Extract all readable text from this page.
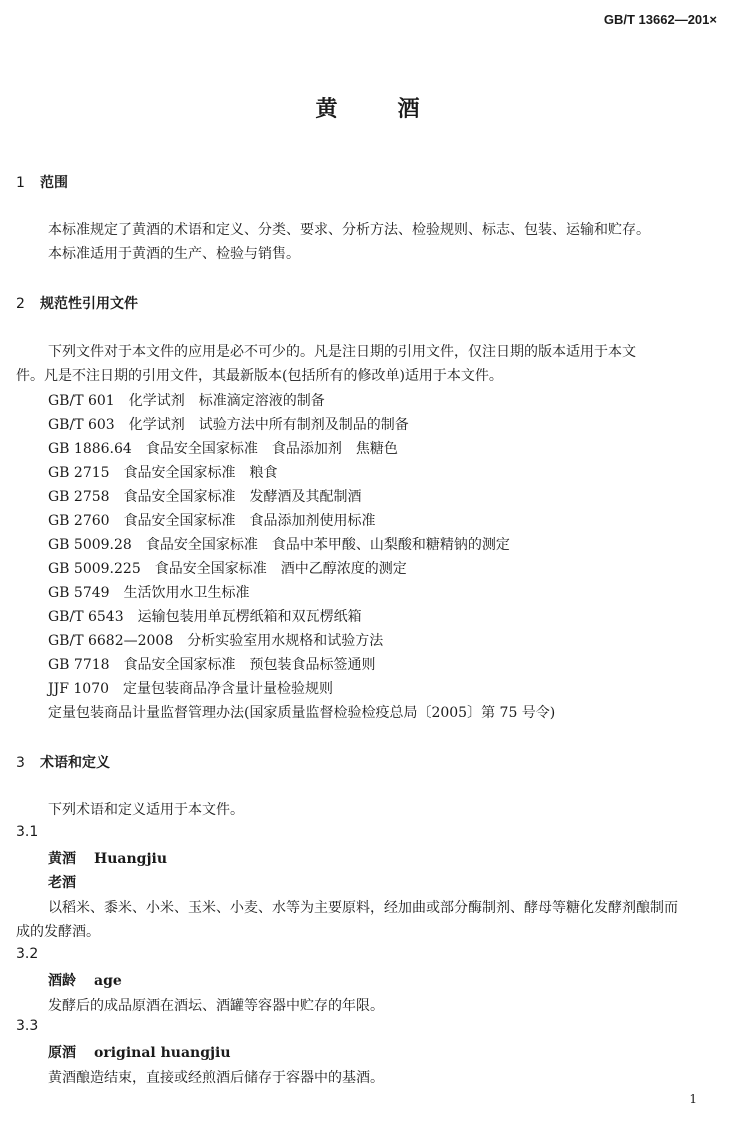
GB/T 13662—201×
黄	酒
1 范围
本标准规定了黄酒的术语和定义、分类、要求、分析方法、检验规则、标志、包装、运输和贮存。
本标准适用于黄酒的生产、检验与销售。
2 规范性引用文件
下列文件对于本文件的应用是必不可少的。凡是注日期的引用文件，仅注日期的版本适用于本文
件。凡是不注日期的引用文件，其最新版本(包括所有的修改单)适用于本文件。
GB/T 601 化学试剂　标准滴定溶液的制备
GB/T 603 化学试剂　试验方法中所有制剂及制品的制备
GB 1886.64 食品安全国家标准　食品添加剂　焦糖色
GB 2715 食品安全国家标准　粮食
GB 2758 食品安全国家标准　发酵酒及其配制酒
GB 2760 食品安全国家标准　食品添加剂使用标准
GB 5009.28 食品安全国家标准　食品中苯甲酸、山梨酸和糖精钠的测定
GB 5009.225 食品安全国家标准　酒中乙醇浓度的测定
GB 5749 生活饮用水卫生标准
GB/T 6543 运输包装用单瓦楞纸箱和双瓦楞纸箱
GB/T 6682—2008 分析实验室用水规格和试验方法
GB 7718 食品安全国家标准　预包装食品标签通则
JJF 1070 定量包装商品净含量计量检验规则
定量包装商品计量监督管理办法(国家质量监督检验检疫总局〔2005〕第 75 号令)
3 术语和定义
下列术语和定义适用于本文件。
3.1
黄酒 Huangjiu
老酒
以稻米、黍米、小米、玉米、小麦、水等为主要原料，经加曲或部分酶制剂、酵母等糖化发酵剂酿制而
成的发酵酒。
3.2
酒龄 age
发酵后的成品原酒在酒坛、酒罐等容器中贮存的年限。
3.3
原酒 original huangjiu
黄酒酿造结束，直接或经煎酒后储存于容器中的基酒。
1
